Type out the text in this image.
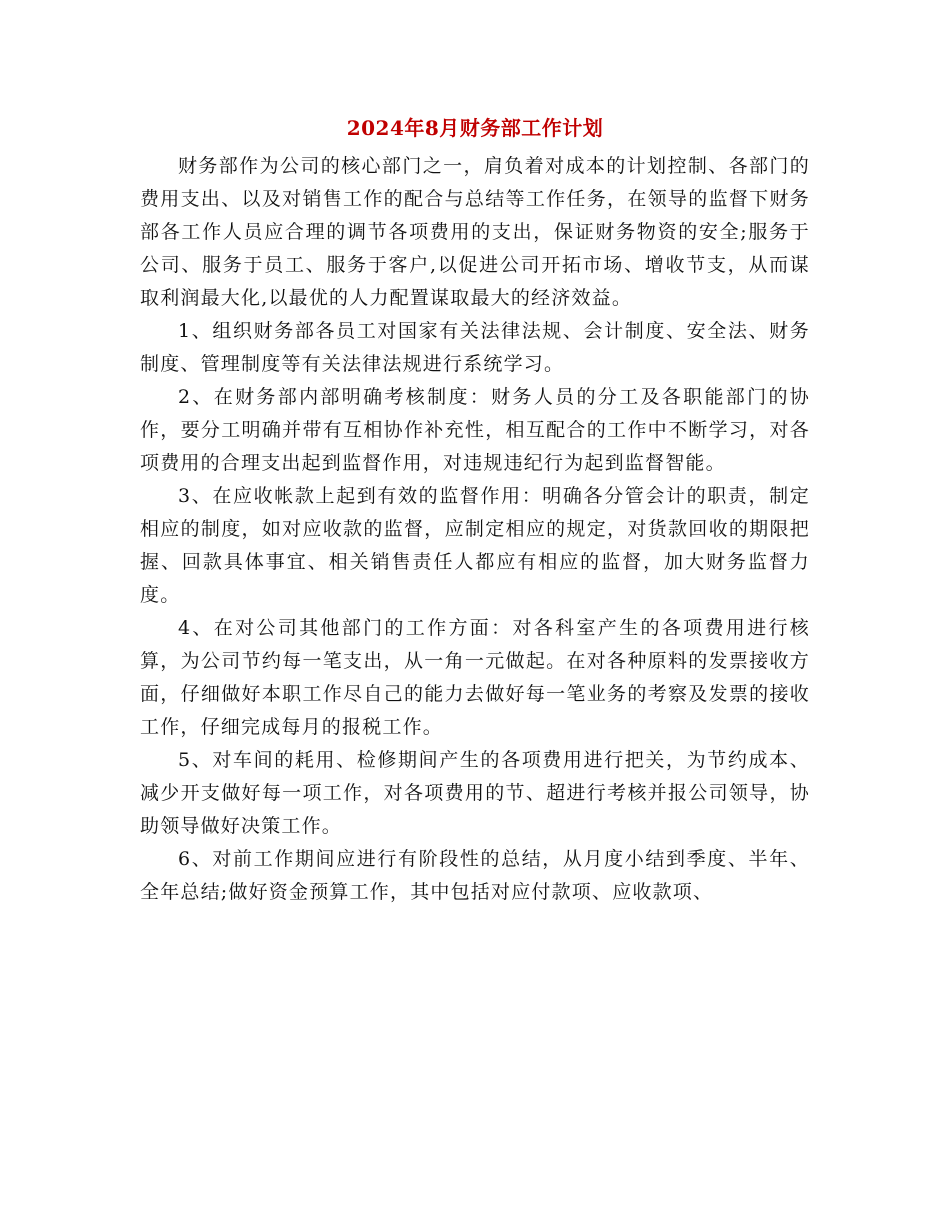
2024年8月财务部工作计划

财务部作为公司的核心部门之一，肩负着对成本的计划控制、各部门的费用支出、以及对销售工作的配合与总结等工作任务，在领导的监督下财务部各工作人员应合理的调节各项费用的支出，保证财务物资的安全;服务于公司、服务于员工、服务于客户,以促进公司开拓市场、增收节支，从而谋取利润最大化,以最优的人力配置谋取最大的经济效益。

1、组织财务部各员工对国家有关法律法规、会计制度、安全法、财务制度、管理制度等有关法律法规进行系统学习。

2、在财务部内部明确考核制度：财务人员的分工及各职能部门的协作，要分工明确并带有互相协作补充性，相互配合的工作中不断学习，对各项费用的合理支出起到监督作用，对违规违纪行为起到监督智能。

3、在应收帐款上起到有效的监督作用：明确各分管会计的职责，制定相应的制度，如对应收款的监督，应制定相应的规定，对货款回收的期限把握、回款具体事宜、相关销售责任人都应有相应的监督，加大财务监督力度。

4、在对公司其他部门的工作方面：对各科室产生的各项费用进行核算，为公司节约每一笔支出，从一角一元做起。在对各种原料的发票接收方面，仔细做好本职工作尽自己的能力去做好每一笔业务的考察及发票的接收工作，仔细完成每月的报税工作。

5、对车间的耗用、检修期间产生的各项费用进行把关，为节约成本、减少开支做好每一项工作，对各项费用的节、超进行考核并报公司领导，协助领导做好决策工作。

6、对前工作期间应进行有阶段性的总结，从月度小结到季度、半年、全年总结;做好资金预算工作，其中包括对应付款项、应收款项、
